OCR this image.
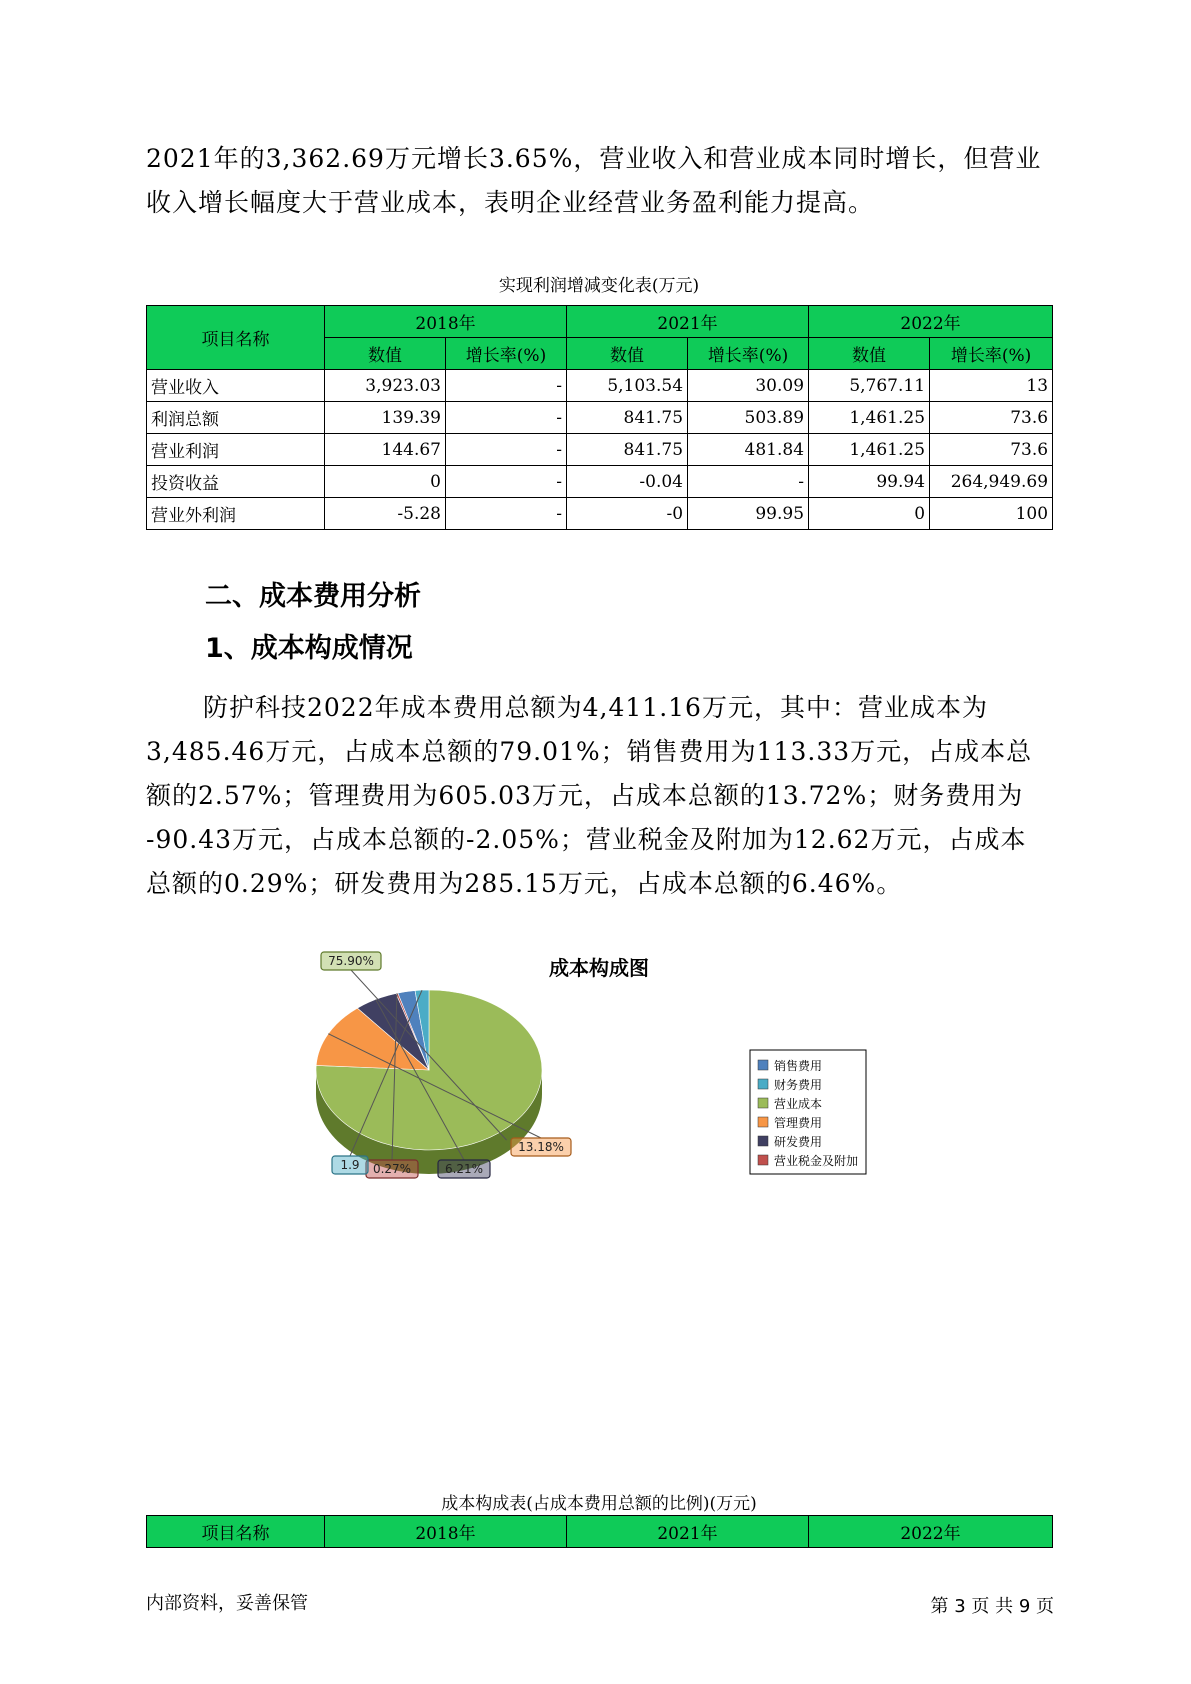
2021年的3,362.69万元增长3.65%，营业收入和营业成本同时增长，但营业

收入增长幅度大于营业成本，表明企业经营业务盈利能力提高。

实现利润增减变化表(万元)
项目名称	2018年		2021年		2022年	
	数值	增长率(%)	数值	增长率(%)	数值	增长率(%)
营业收入	3,923.03	-	5,103.54	30.09	5,767.11	13
利润总额	139.39	-	841.75	503.89	1,461.25	73.6
营业利润	144.67	-	841.75	481.84	1,461.25	73.6
投资收益	0	-	-0.04	-	99.94	264,949.69
营业外利润	-5.28	-	-0	99.95	0	100
二、成本费用分析
1、成本构成情况

防护科技2022年成本费用总额为4,411.16万元，其中：营业成本为

3,485.46万元，占成本总额的79.01%；销售费用为113.33万元，占成本总

额的2.57%；管理费用为605.03万元，占成本总额的13.72%；财务费用为

-90.43万元，占成本总额的-2.05%；营业税金及附加为12.62万元，占成本

总额的0.29%；研发费用为285.15万元，占成本总额的6.46%。

成本构成图
75.90%
13.18%
6.21%
0.27%
1.9
销售费用
财务费用
营业成本
管理费用
研发费用
营业税金及附加
成本构成表(占成本费用总额的比例)(万元)
项目名称	2018年	2021年	2022年
内部资料，妥善保管	第 3 页 共 9 页
